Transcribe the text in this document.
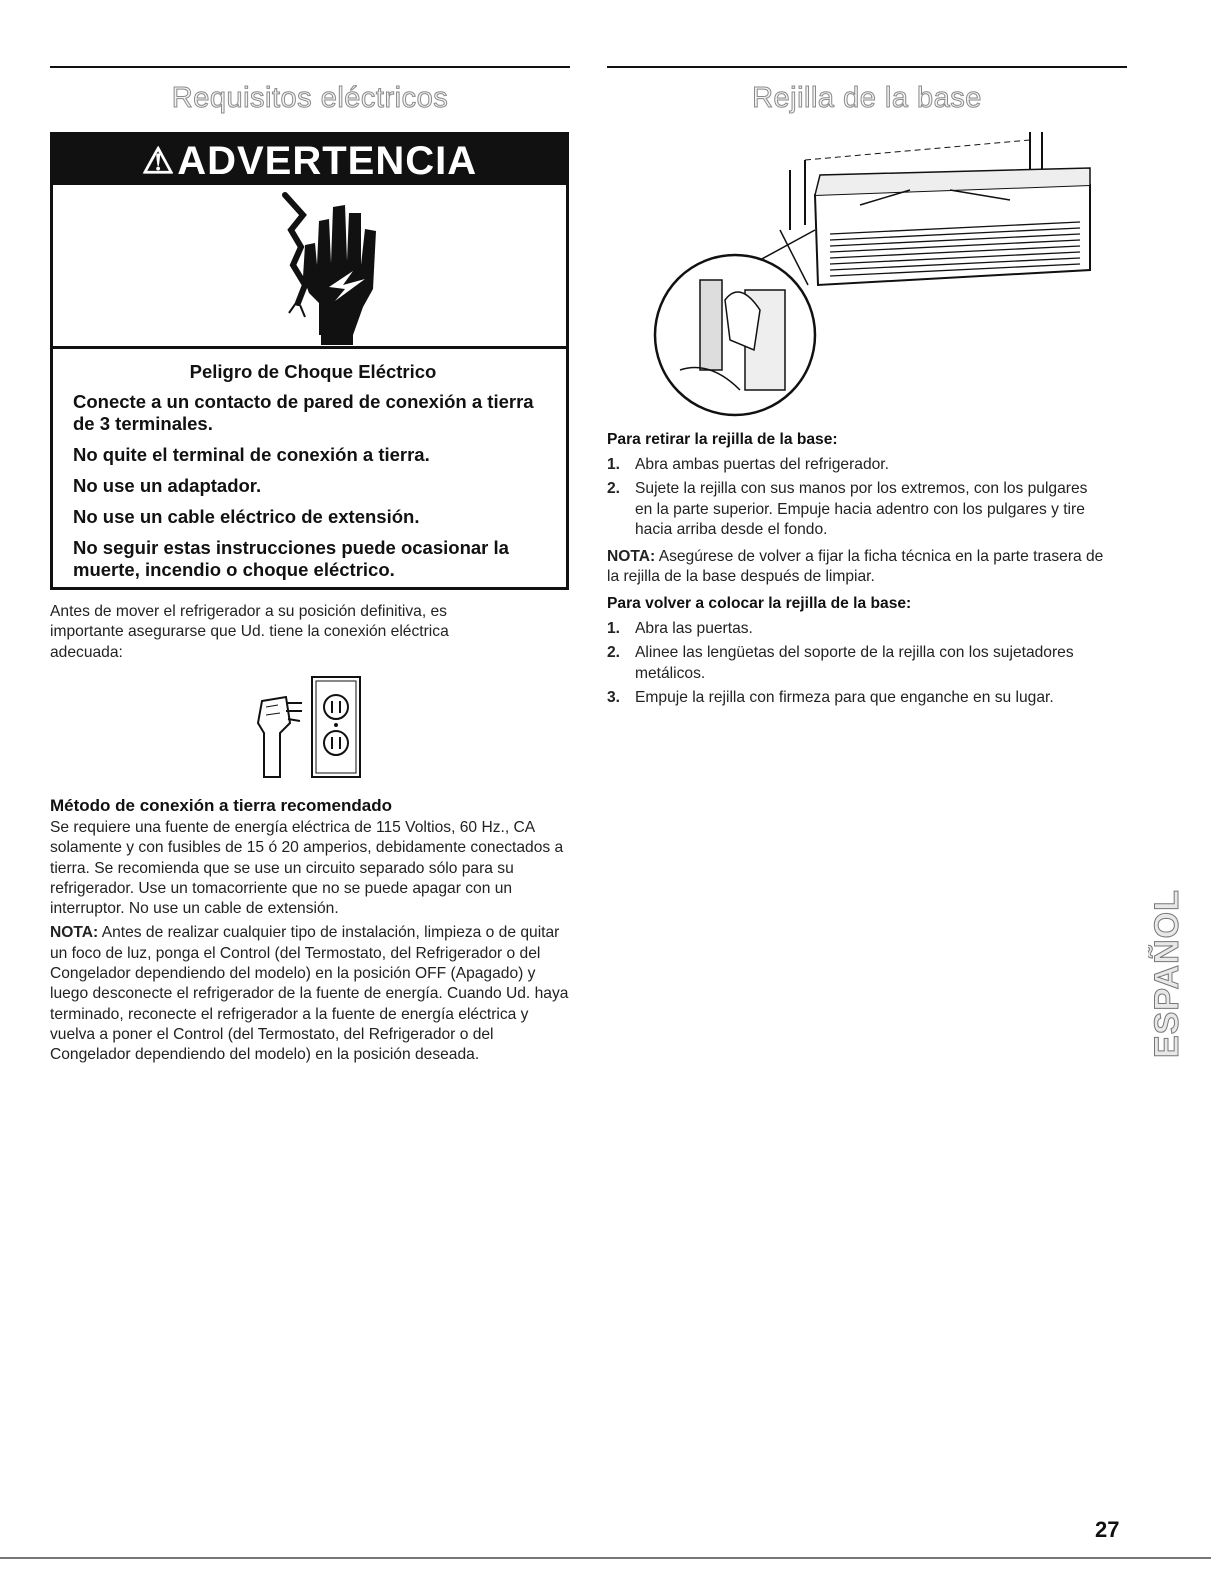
Requisitos eléctricos	Rejilla de la base
⚠ADVERTENCIA
Peligro de Choque Eléctrico

Conecte a un contacto de pared de conexión a tierra de 3 terminales.

No quite el terminal de conexión a tierra.

No use un adaptador.

No use un cable eléctrico de extensión.

No seguir estas instrucciones puede ocasionar la muerte, incendio o choque eléctrico.

Antes de mover el refrigerador a su posición definitiva, es importante asegurarse que Ud. tiene la conexión eléctrica adecuada:
Método de conexión a tierra recomendado

Se requiere una fuente de energía eléctrica de 115 Voltios, 60 Hz., CA solamente y con fusibles de 15 ó 20 amperios, debidamente conectados a tierra. Se recomienda que se use un circuito separado sólo para su refrigerador. Use un tomacorriente que no se puede apagar con un interruptor. No use un cable de extensión.

NOTA: Antes de realizar cualquier tipo de instalación, limpieza o de quitar un foco de luz, ponga el Control (del Termostato, del Refrigerador o del Congelador dependiendo del modelo) en la posición OFF (Apagado) y luego desconecte el refrigerador de la fuente de energía. Cuando Ud. haya terminado, reconecte el refrigerador a la fuente de energía eléctrica y vuelva a poner el Control (del Termostato, del Refrigerador o del Congelador dependiendo del modelo) en la posición deseada.

Para retirar la rejilla de la base:
1. Abra ambas puertas del refrigerador.
2. Sujete la rejilla con sus manos por los extremos, con los pulgares en la parte superior. Empuje hacia adentro con los pulgares y tire hacia arriba desde el fondo.
NOTA: Asegúrese de volver a fijar la ficha técnica en la parte trasera de la rejilla de la base después de limpiar.
Para volver a colocar la rejilla de la base:
1. Abra las puertas.
2. Alinee las lengüetas del soporte de la rejilla con los sujetadores metálicos.
3. Empuje la rejilla con firmeza para que enganche en su lugar.
ESPAÑOL
27
